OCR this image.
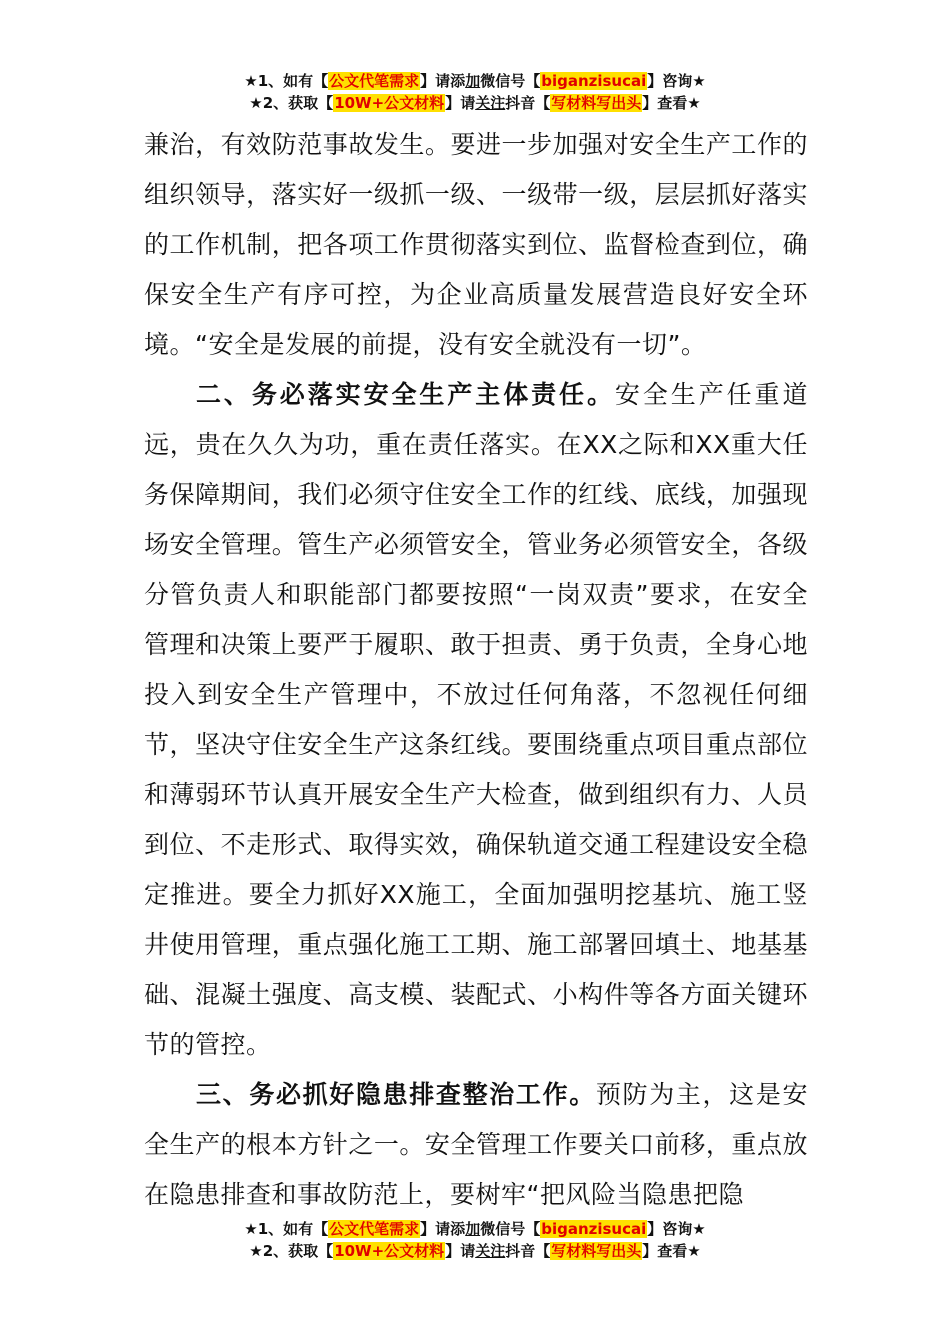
★1、如有【公文代笔需求】请添加微信号【biganzisucai】咨询★
★2、获取【10W+公文材料】请关注抖音【写材料写出头】查看★

兼治，有效防范事故发生。要进一步加强对安全生产工作的组织领导，落实好一级抓一级、一级带一级，层层抓好落实的工作机制，把各项工作贯彻落实到位、监督检查到位，确保安全生产有序可控，为企业高质量发展营造良好安全环境。“安全是发展的前提，没有安全就没有一切”。

二、务必落实安全生产主体责任。安全生产任重道远，贵在久久为功，重在责任落实。在XX之际和XX重大任务保障期间，我们必须守住安全工作的红线、底线，加强现场安全管理。管生产必须管安全，管业务必须管安全，各级分管负责人和职能部门都要按照“一岗双责”要求，在安全管理和决策上要严于履职、敢于担责、勇于负责，全身心地投入到安全生产管理中，不放过任何角落，不忽视任何细节，坚决守住安全生产这条红线。要围绕重点项目重点部位和薄弱环节认真开展安全生产大检查，做到组织有力、人员到位、不走形式、取得实效，确保轨道交通工程建设安全稳定推进。要全力抓好XX施工，全面加强明挖基坑、施工竖井使用管理，重点强化施工工期、施工部署回填土、地基基础、混凝土强度、高支模、装配式、小构件等各方面关键环节的管控。

三、务必抓好隐患排查整治工作。预防为主，这是安全生产的根本方针之一。安全管理工作要关口前移，重点放在隐患排查和事故防范上，要树牢“把风险当隐患把隐

★1、如有【公文代笔需求】请添加微信号【biganzisucai】咨询★
★2、获取【10W+公文材料】请关注抖音【写材料写出头】查看★
